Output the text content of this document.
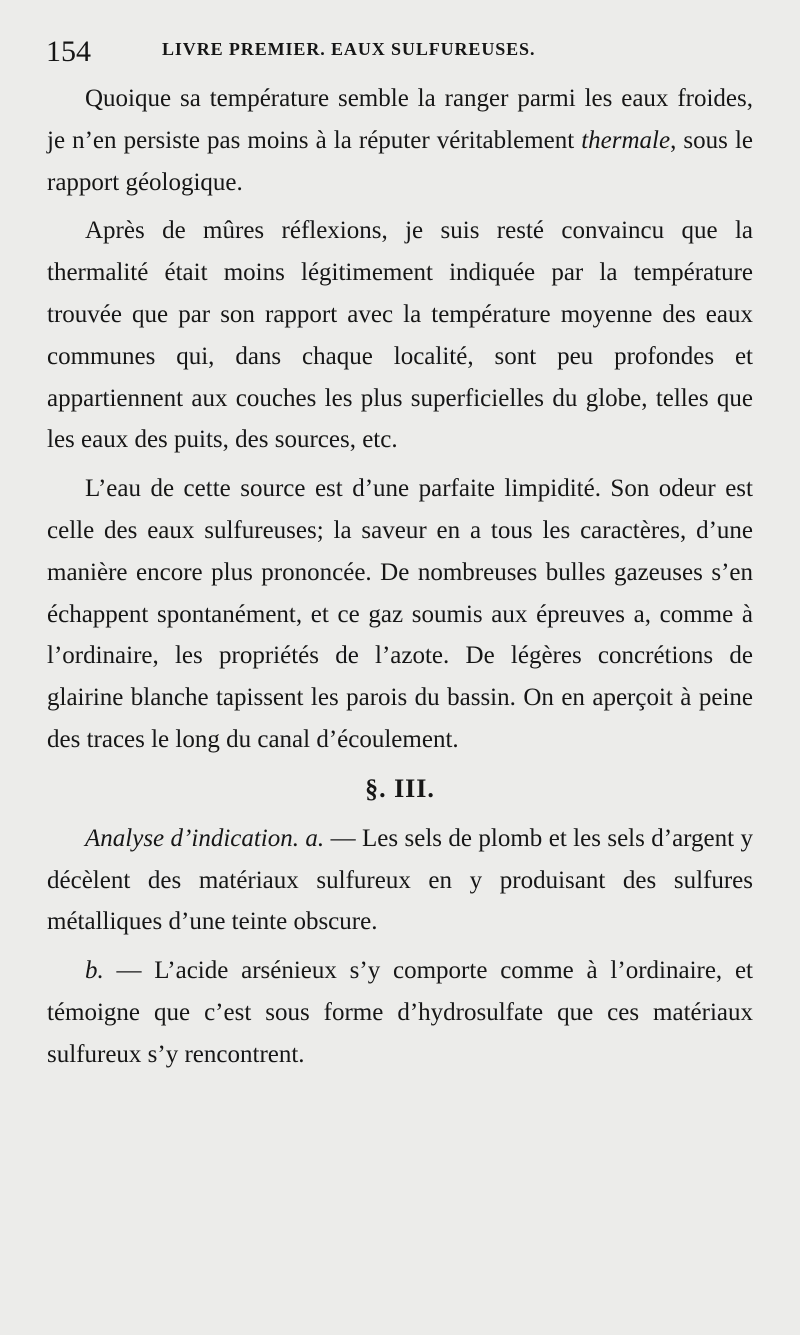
154	LIVRE PREMIER. EAUX SULFUREUSES.

Quoique sa température semble la ranger parmi les eaux froides, je n’en persiste pas moins à la réputer véritablement thermale, sous le rapport géologique.

Après de mûres réflexions, je suis resté convaincu que la thermalité était moins légitimement indiquée par la température trouvée que par son rapport avec la température moyenne des eaux communes qui, dans chaque localité, sont peu profondes et appartiennent aux couches les plus superficielles du globe, telles que les eaux des puits, des sources, etc.

L’eau de cette source est d’une parfaite limpidité. Son odeur est celle des eaux sulfureuses; la saveur en a tous les caractères, d’une manière encore plus prononcée. De nombreuses bulles gazeuses s’en échappent spontanément, et ce gaz soumis aux épreuves a, comme à l’ordinaire, les propriétés de l’azote. De légères concrétions de glairine blanche tapissent les parois du bassin. On en aperçoit à peine des traces le long du canal d’écoulement.

§. III.

Analyse d’indication. a. — Les sels de plomb et les sels d’argent y décèlent des matériaux sulfureux en y produisant des sulfures métalliques d’une teinte obscure.

b. — L’acide arsénieux s’y comporte comme à l’ordinaire, et témoigne que c’est sous forme d’hydrosulfate que ces matériaux sulfureux s’y rencontrent.
